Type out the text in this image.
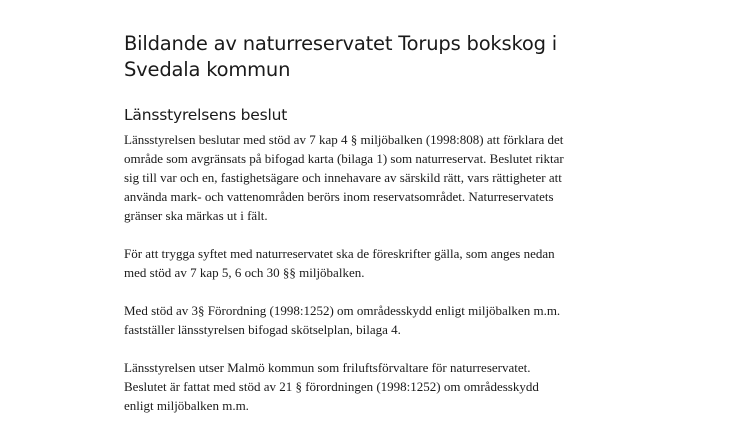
Bildande av naturreservatet Torups bokskog i
Svedala kommun
Länsstyrelsens beslut

Länsstyrelsen beslutar med stöd av 7 kap 4 § miljöbalken (1998:808) att förklara det
område som avgränsats på bifogad karta (bilaga 1) som naturreservat. Beslutet riktar
sig till var och en, fastighetsägare och innehavare av särskild rätt, vars rättigheter att
använda mark- och vattenområden berörs inom reservatsområdet. Naturreservatets
gränser ska märkas ut i fält.

För att trygga syftet med naturreservatet ska de föreskrifter gälla, som anges nedan
med stöd av 7 kap 5, 6 och 30 §§ miljöbalken.

Med stöd av 3§ Förordning (1998:1252) om områdesskydd enligt miljöbalken m.m.
fastställer länsstyrelsen bifogad skötselplan, bilaga 4.

Länsstyrelsen utser Malmö kommun som friluftsförvaltare för naturreservatet.
Beslutet är fattat med stöd av 21 § förordningen (1998:1252) om områdesskydd
enligt miljöbalken m.m.
